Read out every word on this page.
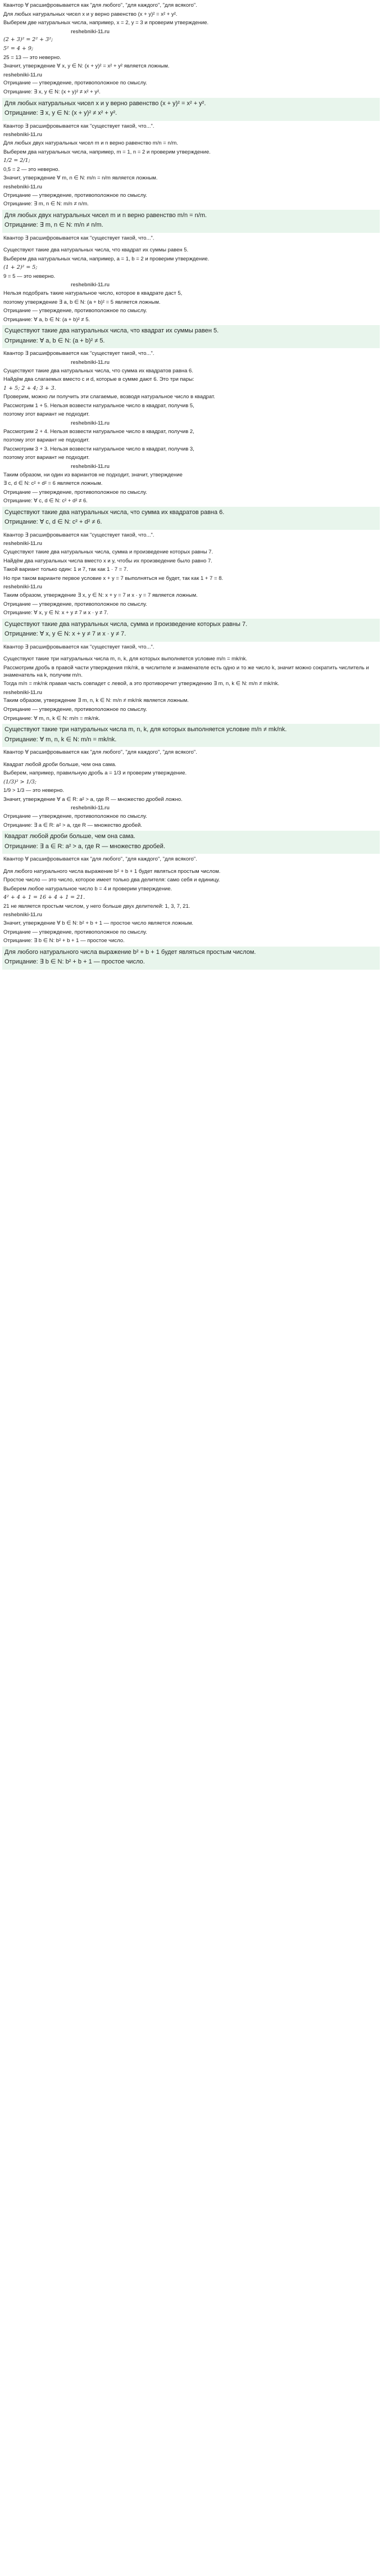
Квантор ∀ расшифровывается как "для любого", "для каждого", "для всякого".

Для любых натуральных чисел x и y верно равенство (x + y)² = x² + y².

Выберем две натуральных числа, например, x = 2, y = 3 и проверим утверждение.

reshebniki-11.ru

(2 + 3)² = 2² + 3²;

5² = 4 + 9;

25 = 13 — это неверно.

Значит, утверждение ∀ x, y ∈ N: (x + y)² = x² + y² является ложным.

reshebniki-11.ru

Отрицание — утверждение, противоположное по смыслу.

Отрицание: ∃ x, y ∈ N: (x + y)² ≠ x² + y².

Для любых натуральных чисел x и y верно равенство (x + y)² = x² + y².

Отрицание: ∃ x, y ∈ N: (x + y)² ≠ x² + y².

Квантор ∃ расшифровывается как "существует такой, что...".

reshebniki-11.ru

Для любых двух натуральных чисел m и n верно равенство m/n = n/m.

Выберем два натуральных числа, например, m = 1, n = 2 и проверим утверждение.

1/2 = 2/1;

0,5 = 2 — это неверно.

Значит, утверждение ∀ m, n ∈ N: m/n = n/m является ложным.

reshebniki-11.ru

Отрицание — утверждение, противоположное по смыслу.

Отрицание: ∃ m, n ∈ N: m/n ≠ n/m.

Для любых двух натуральных чисел m и n верно равенство m/n = n/m.

Отрицание: ∃ m, n ∈ N: m/n ≠ n/m.

Квантор ∃ расшифровывается как "существует такой, что...".

Существуют такие два натуральных числа, что квадрат их суммы равен 5.

Выберем два натуральных числа, например, a = 1, b = 2 и проверим утверждение.

(1 + 2)² = 5;

9 = 5 — это неверно.

reshebniki-11.ru

Нельзя подобрать такие натуральное число, которое в квадрате даст 5,

поэтому утверждение ∃ a, b ∈ N: (a + b)² = 5 является ложным.

Отрицание — утверждение, противоположное по смыслу.

Отрицание: ∀ a, b ∈ N: (a + b)² ≠ 5.

Существуют такие два натуральных числа, что квадрат их суммы равен 5.

Отрицание: ∀ a, b ∈ N: (a + b)² ≠ 5.

Квантор ∃ расшифровывается как "существует такой, что...".

reshebniki-11.ru

Существуют такие два натуральных числа, что сумма их квадратов равна 6.

Найдём два слагаемых вместо c и d, которые в сумме дают 6. Это три пары:

1 + 5; 2 + 4; 3 + 3.

Проверим, можно ли получить эти слагаемые, возводя натуральное число в квадрат.

Рассмотрим 1 + 5. Нельзя возвести натуральное число в квадрат, получив 5,

поэтому этот вариант не подходит.

reshebniki-11.ru

Рассмотрим 2 + 4. Нельзя возвести натуральное число в квадрат, получив 2,

поэтому этот вариант не подходит.

Рассмотрим 3 + 3. Нельзя возвести натуральное число в квадрат, получив 3,

поэтому этот вариант не подходит.

reshebniki-11.ru

Таким образом, ни один из вариантов не подходит, значит, утверждение

∃ c, d ∈ N: c² + d² = 6 является ложным.

Отрицание — утверждение, противоположное по смыслу.

Отрицание: ∀ c, d ∈ N: c² + d² ≠ 6.

Существуют такие два натуральных числа, что сумма их квадратов равна 6.

Отрицание: ∀ c, d ∈ N: c² + d² ≠ 6.

Квантор ∃ расшифровывается как "существует такой, что...".

reshebniki-11.ru

Существуют такие два натуральных числа, сумма и произведение которых равны 7.

Найдём два натуральных числа вместо x и y, чтобы их произведение было равно 7.

Такой вариант только один: 1 и 7, так как 1 · 7 = 7.

Но при таком варианте первое условие x + y = 7 выполняться не будет, так как 1 + 7 = 8.

reshebniki-11.ru

Таким образом, утверждение ∃ x, y ∈ N: x + y = 7 и x · y = 7 является ложным.

Отрицание — утверждение, противоположное по смыслу.

Отрицание: ∀ x, y ∈ N: x + y ≠ 7 и x · y ≠ 7.

Существуют такие два натуральных числа, сумма и произведение которых равны 7.

Отрицание: ∀ x, y ∈ N: x + y ≠ 7 и x · y ≠ 7.

Квантор ∃ расшифровывается как "существует такой, что...".

Существуют такие три натуральных числа m, n, k, для которых выполняется условие m/n = mk/nk.

Рассмотрим дробь в правой части утверждения mk/nk, в числителе и знаменателе есть одно и то же число k, значит можно сократить числитель и знаменатель на k, получим m/n.

Тогда m/n = mk/nk правая часть совпадет с левой, а это противоречит утверждению ∃ m, n, k ∈ N: m/n ≠ mk/nk.

reshebniki-11.ru

Таким образом, утверждение ∃ m, n, k ∈ N: m/n ≠ mk/nk является ложным.

Отрицание — утверждение, противоположное по смыслу.

Отрицание: ∀ m, n, k ∈ N: m/n = mk/nk.

Существуют такие три натуральных числа m, n, k, для которых выполняется условие m/n ≠ mk/nk.

Отрицание: ∀ m, n, k ∈ N: m/n = mk/nk.

Квантор ∀ расшифровывается как "для любого", "для каждого", "для всякого".

Квадрат любой дроби больше, чем она сама.

Выберем, например, правильную дробь a = 1/3 и проверим утверждение.

(1/3)² > 1/3;

1/9 > 1/3 — это неверно.

Значит, утверждение ∀ a ∈ R: a² > a, где R — множество дробей ложно.

reshebniki-11.ru

Отрицание — утверждение, противоположное по смыслу.

Отрицание: ∃ a ∈ R: a² > a, где R — множество дробей.

Квадрат любой дроби больше, чем она сама.

Отрицание: ∃ a ∈ R: a² > a, где R — множество дробей.

Квантор ∀ расшифровывается как "для любого", "для каждого", "для всякого".

Для любого натурального числа выражение b² + b + 1 будет являться простым числом.

Простое число — это число, которое имеет только два делителя: само себя и единицу.

Выберем любое натуральное число b = 4 и проверим утверждение.

4² + 4 + 1 = 16 + 4 + 1 = 21.

21 не является простым числом, у него больше двух делителей: 1, 3, 7, 21.

reshebniki-11.ru

Значит, утверждение ∀ b ∈ N: b² + b + 1 — простое число является ложным.

Отрицание — утверждение, противоположное по смыслу.

Отрицание: ∃ b ∈ N: b² + b + 1 — простое число.

Для любого натурального числа выражение b² + b + 1 будет являться простым числом.

Отрицание: ∃ b ∈ N: b² + b + 1 — простое число.
